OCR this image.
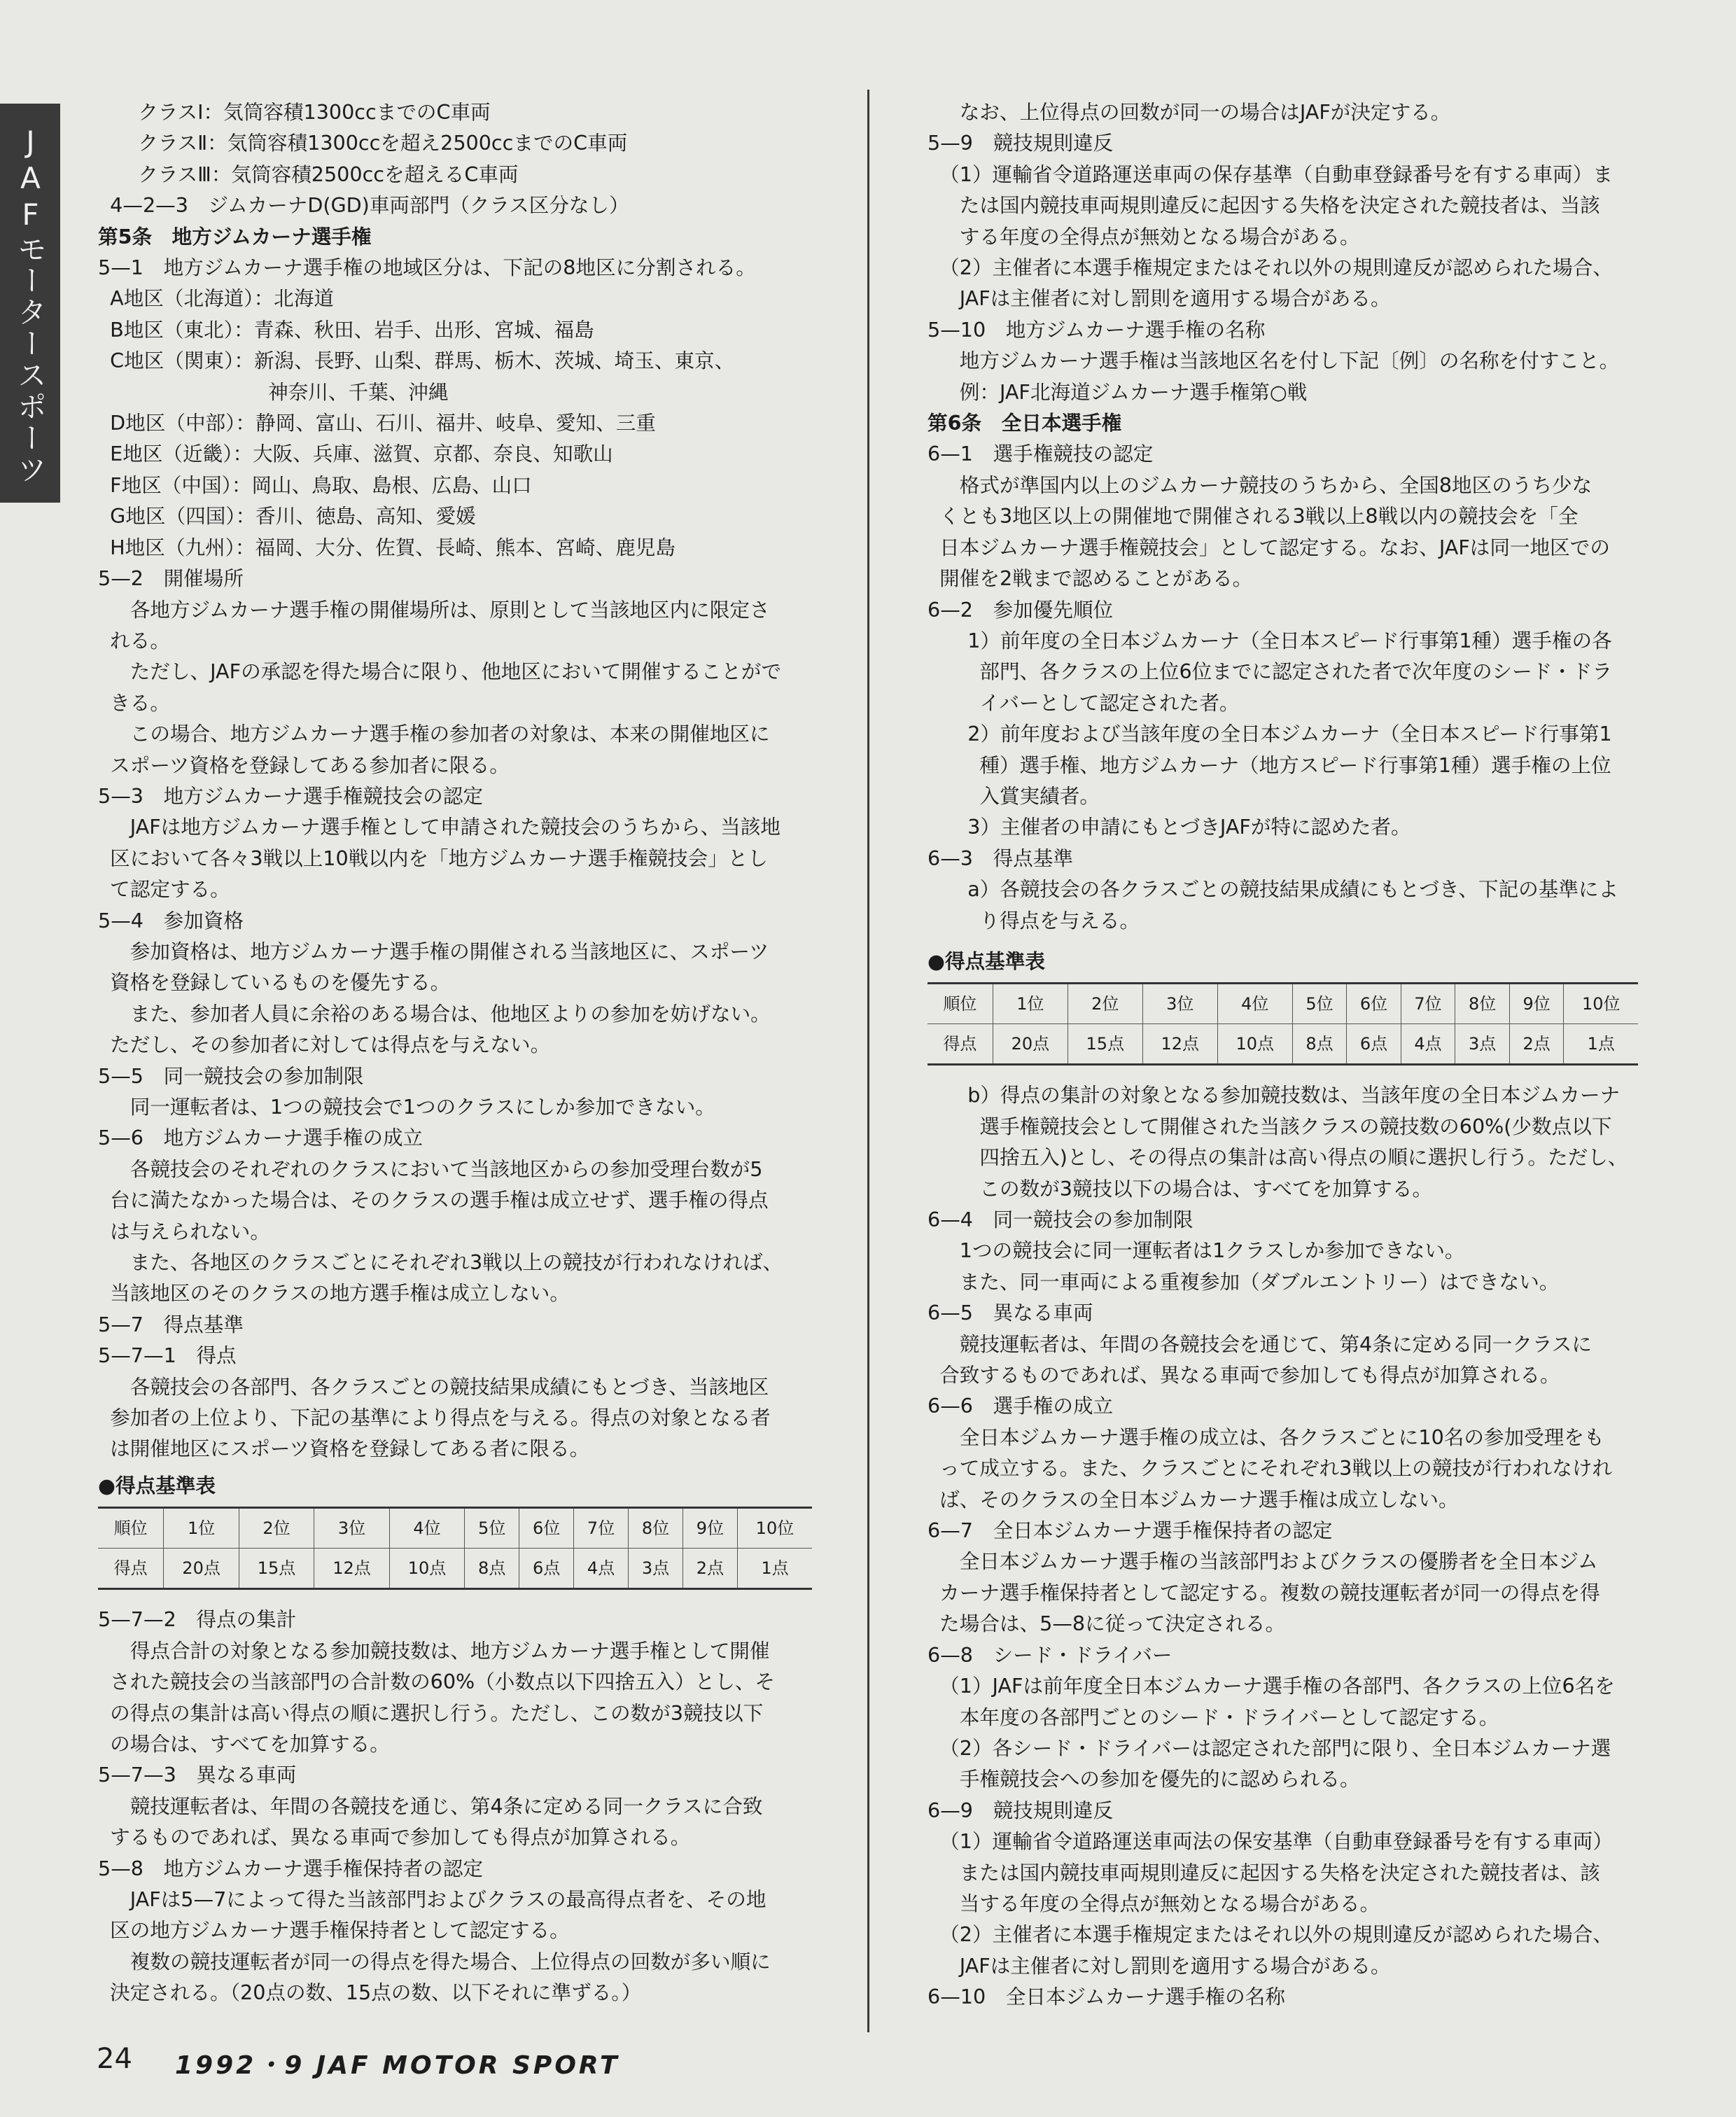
JAFモータースポーツ
クラスⅠ：気筒容積1300ccまでのC車両
クラスⅡ：気筒容積1300ccを超え2500ccまでのC車両
クラスⅢ：気筒容積2500ccを超えるC車両
4—2—3　ジムカーナD(GD)車両部門（クラス区分なし）
第5条　地方ジムカーナ選手権
5—1　地方ジムカーナ選手権の地域区分は、下記の8地区に分割される。
A地区（北海道）：北海道
B地区（東北）：青森、秋田、岩手、出形、宮城、福島
C地区（関東）：新潟、長野、山梨、群馬、栃木、茨城、埼玉、東京、
神奈川、千葉、沖縄
D地区（中部）：静岡、富山、石川、福井、岐阜、愛知、三重
E地区（近畿）：大阪、兵庫、滋賀、京都、奈良、知歌山
F地区（中国）：岡山、鳥取、島根、広島、山口
G地区（四国）：香川、徳島、高知、愛媛
H地区（九州）：福岡、大分、佐賀、長崎、熊本、宮崎、鹿児島
5—2　開催場所
各地方ジムカーナ選手権の開催場所は、原則として当該地区内に限定さ
れる。
ただし、JAFの承認を得た場合に限り、他地区において開催することがで
きる。
この場合、地方ジムカーナ選手権の参加者の対象は、本来の開催地区に
スポーツ資格を登録してある参加者に限る。
5—3　地方ジムカーナ選手権競技会の認定
JAFは地方ジムカーナ選手権として申請された競技会のうちから、当該地
区において各々3戦以上10戦以内を「地方ジムカーナ選手権競技会」とし
て認定する。
5—4　参加資格
参加資格は、地方ジムカーナ選手権の開催される当該地区に、スポーツ
資格を登録しているものを優先する。
また、参加者人員に余裕のある場合は、他地区よりの参加を妨げない。
ただし、その参加者に対しては得点を与えない。
5—5　同一競技会の参加制限
同一運転者は、1つの競技会で1つのクラスにしか参加できない。
5—6　地方ジムカーナ選手権の成立
各競技会のそれぞれのクラスにおいて当該地区からの参加受理台数が5
台に満たなかった場合は、そのクラスの選手権は成立せず、選手権の得点
は与えられない。
また、各地区のクラスごとにそれぞれ3戦以上の競技が行われなければ、
当該地区のそのクラスの地方選手権は成立しない。
5—7　得点基準
5—7—1　得点
各競技会の各部門、各クラスごとの競技結果成績にもとづき、当該地区
参加者の上位より、下記の基準により得点を与える。得点の対象となる者
は開催地区にスポーツ資格を登録してある者に限る。
●得点基準表
順位	1位	2位	3位	4位	5位	6位	7位	8位	9位	10位
得点	20点	15点	12点	10点	8点	6点	4点	3点	2点	1点
5—7—2　得点の集計
得点合計の対象となる参加競技数は、地方ジムカーナ選手権として開催
された競技会の当該部門の合計数の60%（小数点以下四捨五入）とし、そ
の得点の集計は高い得点の順に選択し行う。ただし、この数が3競技以下
の場合は、すべてを加算する。
5—7—3　異なる車両
競技運転者は、年間の各競技を通じ、第4条に定める同一クラスに合致
するものであれば、異なる車両で参加しても得点が加算される。
5—8　地方ジムカーナ選手権保持者の認定
JAFは5—7によって得た当該部門およびクラスの最高得点者を、その地
区の地方ジムカーナ選手権保持者として認定する。
複数の競技運転者が同一の得点を得た場合、上位得点の回数が多い順に
決定される。（20点の数、15点の数、以下それに準ずる。）
なお、上位得点の回数が同一の場合はJAFが決定する。
5—9　競技規則違反
（1）運輸省令道路運送車両の保存基準（自動車登録番号を有する車両）ま
たは国内競技車両規則違反に起因する失格を決定された競技者は、当該
する年度の全得点が無効となる場合がある。
（2）主催者に本選手権規定またはそれ以外の規則違反が認められた場合、
JAFは主催者に対し罰則を適用する場合がある。
5—10　地方ジムカーナ選手権の名称
地方ジムカーナ選手権は当該地区名を付し下記〔例〕の名称を付すこと。
例：JAF北海道ジムカーナ選手権第○戦
第6条　全日本選手権
6—1　選手権競技の認定
格式が準国内以上のジムカーナ競技のうちから、全国8地区のうち少な
くとも3地区以上の開催地で開催される3戦以上8戦以内の競技会を「全
日本ジムカーナ選手権競技会」として認定する。なお、JAFは同一地区での
開催を2戦まで認めることがある。
6—2　参加優先順位
1）前年度の全日本ジムカーナ（全日本スピード行事第1種）選手権の各
部門、各クラスの上位6位までに認定された者で次年度のシード・ドラ
イバーとして認定された者。
2）前年度および当該年度の全日本ジムカーナ（全日本スピード行事第1
種）選手権、地方ジムカーナ（地方スピード行事第1種）選手権の上位
入賞実績者。
3）主催者の申請にもとづきJAFが特に認めた者。
6—3　得点基準
a）各競技会の各クラスごとの競技結果成績にもとづき、下記の基準によ
り得点を与える。
●得点基準表
順位	1位	2位	3位	4位	5位	6位	7位	8位	9位	10位
得点	20点	15点	12点	10点	8点	6点	4点	3点	2点	1点
b）得点の集計の対象となる参加競技数は、当該年度の全日本ジムカーナ
選手権競技会として開催された当該クラスの競技数の60%(少数点以下
四捨五入)とし、その得点の集計は高い得点の順に選択し行う。ただし、
この数が3競技以下の場合は、すべてを加算する。
6—4　同一競技会の参加制限
1つの競技会に同一運転者は1クラスしか参加できない。
また、同一車両による重複参加（ダブルエントリー）はできない。
6—5　異なる車両
競技運転者は、年間の各競技会を通じて、第4条に定める同一クラスに
合致するものであれば、異なる車両で参加しても得点が加算される。
6—6　選手権の成立
全日本ジムカーナ選手権の成立は、各クラスごとに10名の参加受理をも
って成立する。また、クラスごとにそれぞれ3戦以上の競技が行われなけれ
ば、そのクラスの全日本ジムカーナ選手権は成立しない。
6—7　全日本ジムカーナ選手権保持者の認定
全日本ジムカーナ選手権の当該部門およびクラスの優勝者を全日本ジム
カーナ選手権保持者として認定する。複数の競技運転者が同一の得点を得
た場合は、5—8に従って決定される。
6—8　シード・ドライバー
（1）JAFは前年度全日本ジムカーナ選手権の各部門、各クラスの上位6名を
本年度の各部門ごとのシード・ドライバーとして認定する。
（2）各シード・ドライバーは認定された部門に限り、全日本ジムカーナ選
手権競技会への参加を優先的に認められる。
6—9　競技規則違反
（1）運輸省令道路運送車両法の保安基準（自動車登録番号を有する車両）
または国内競技車両規則違反に起因する失格を決定された競技者は、該
当する年度の全得点が無効となる場合がある。
（2）主催者に本選手権規定またはそれ以外の規則違反が認められた場合、
JAFは主催者に対し罰則を適用する場合がある。
6—10　全日本ジムカーナ選手権の名称
24 1992・9 JAF MOTOR SPORT
